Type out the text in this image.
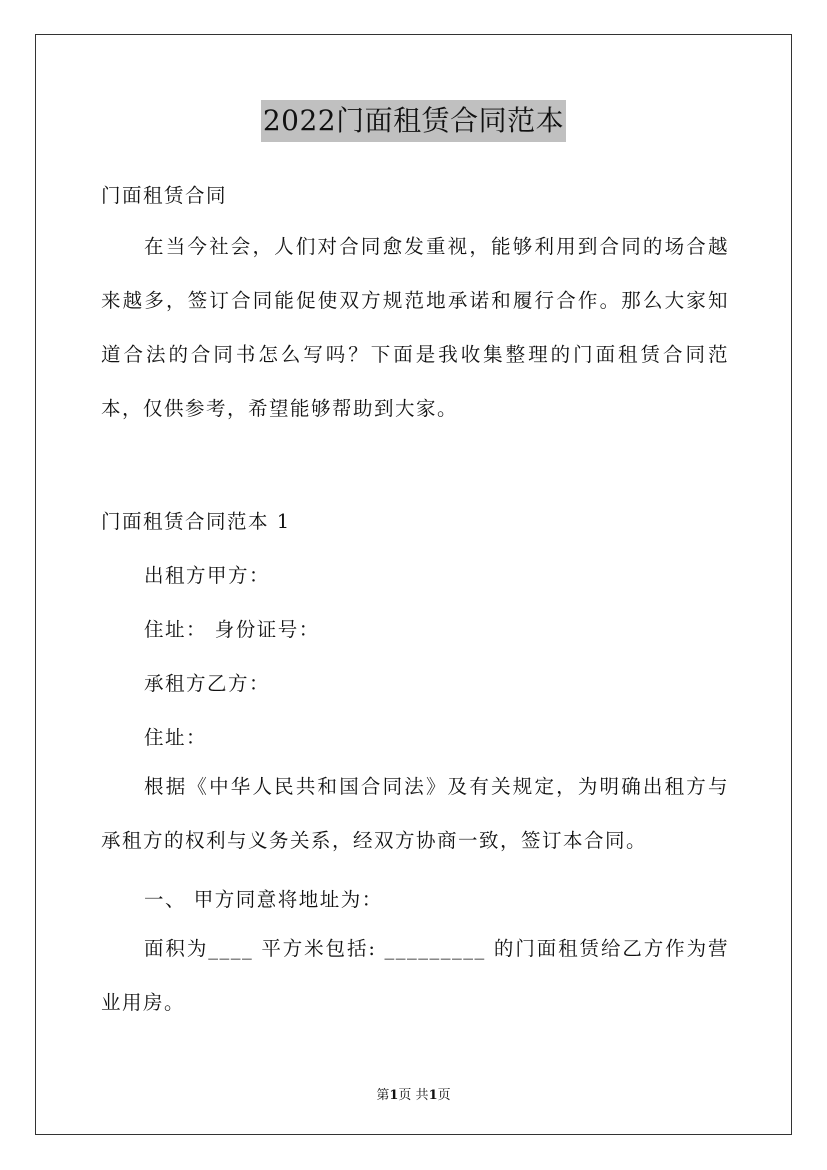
2022门面租赁合同范本
门面租赁合同
在当今社会，人们对合同愈发重视，能够利用到合同的场合越来越多，签订合同能促使双方规范地承诺和履行合作。那么大家知道合法的合同书怎么写吗？下面是我收集整理的门面租赁合同范本，仅供参考，希望能够帮助到大家。
门面租赁合同范本 1
出租方甲方：
住址： 身份证号：
承租方乙方：
住址：
根据《中华人民共和国合同法》及有关规定，为明确出租方与承租方的权利与义务关系，经双方协商一致，签订本合同。
一、 甲方同意将地址为：
面积为____ 平方米包括: _________ 的门面租赁给乙方作为营业用房。
第1页 共1页
